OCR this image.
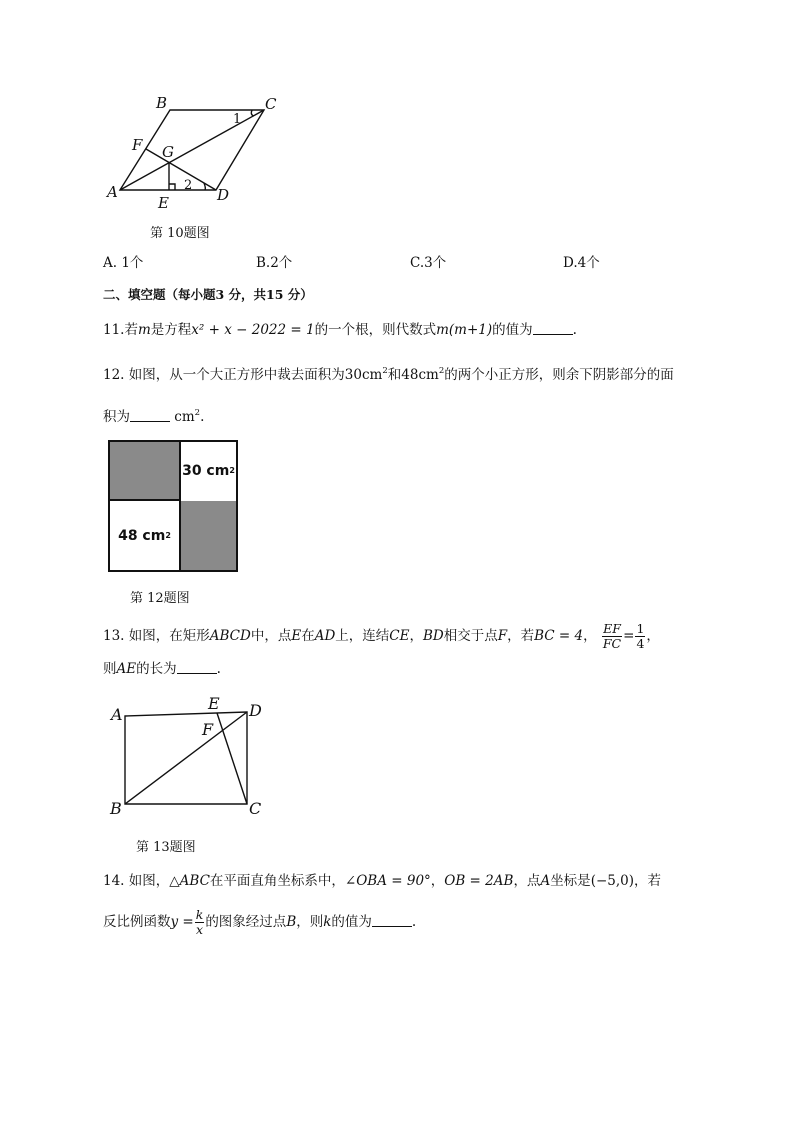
B	C
F G
A
E	D
1
2
第 10题图
A. 1个	B.2个	C.3个	D.4个
二、填空题（每小题3 分，共15 分）
11.若m是方程x² + x − 2022 = 1的一个根，则代数式m(m+1)的值为	.
12. 如图，从一个大正方形中裁去面积为$30cm^2$和$48cm^2$的两个小正方形，则余下阴影部分的面
积为	$cm^2$.
30 cm 2
48 cm 2
第 12题图
13. 如图，在矩形ABCD中，点E在AD上，连结CE，BD相交于点F，若BC = 4， $\frac{EF}{FC} = \frac{1}{4}$ ，
则AE的长为	.
A
E D
F
B	C
第 13题图
14. 如图，△ABC在平面直角坐标系中，∠OBA = 90°，OB = 2AB，点A坐标是(−5,0)，若
反比例函数$y = \frac{k}{x}$ 的图象经过点B，则k的值为	.
